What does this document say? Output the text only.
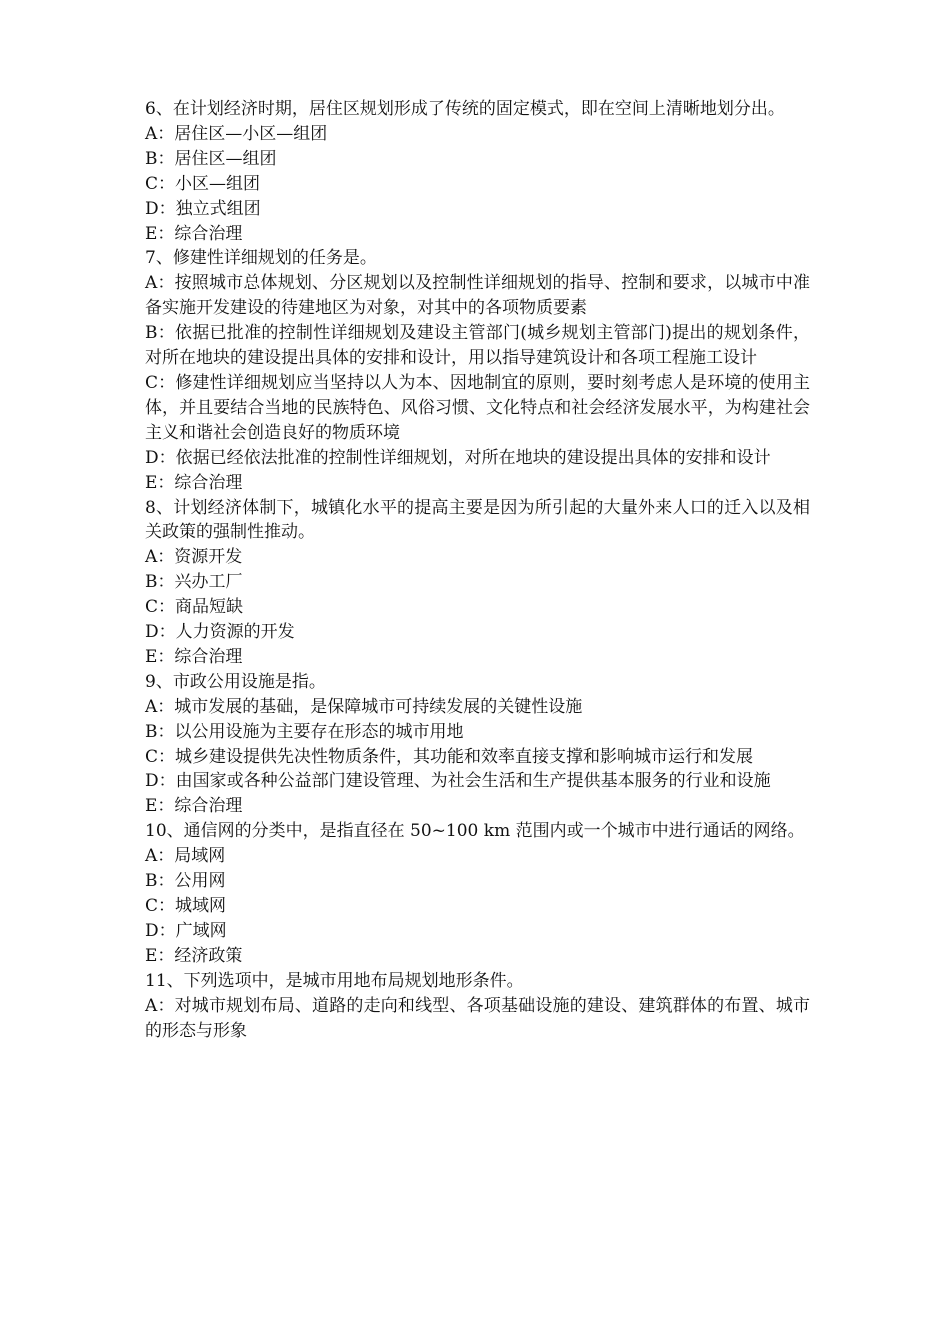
6、在计划经济时期，居住区规划形成了传统的固定模式，即在空间上清晰地划分出。

A：居住区—小区—组团

B：居住区—组团

C：小区—组团

D：独立式组团

E：综合治理

7、修建性详细规划的任务是。

A：按照城市总体规划、分区规划以及控制性详细规划的指导、控制和要求，以城市中准备实施开发建设的待建地区为对象，对其中的各项物质要素

B：依据已批准的控制性详细规划及建设主管部门(城乡规划主管部门)提出的规划条件，对所在地块的建设提出具体的安排和设计，用以指导建筑设计和各项工程施工设计

C：修建性详细规划应当坚持以人为本、因地制宜的原则，要时刻考虑人是环境的使用主体，并且要结合当地的民族特色、风俗习惯、文化特点和社会经济发展水平，为构建社会主义和谐社会创造良好的物质环境

D：依据已经依法批准的控制性详细规划，对所在地块的建设提出具体的安排和设计

E：综合治理

8、计划经济体制下，城镇化水平的提高主要是因为所引起的大量外来人口的迁入以及相关政策的强制性推动。

A：资源开发

B：兴办工厂

C：商品短缺

D：人力资源的开发

E：综合治理

9、市政公用设施是指。

A：城市发展的基础，是保障城市可持续发展的关键性设施

B：以公用设施为主要存在形态的城市用地

C：城乡建设提供先决性物质条件，其功能和效率直接支撑和影响城市运行和发展

D：由国家或各种公益部门建设管理、为社会生活和生产提供基本服务的行业和设施

E：综合治理

10、通信网的分类中，是指直径在 50~100 km 范围内或一个城市中进行通话的网络。

A：局域网

B：公用网

C：城域网

D：广域网

E：经济政策

11、下列选项中，是城市用地布局规划地形条件。

A：对城市规划布局、道路的走向和线型、各项基础设施的建设、建筑群体的布置、城市的形态与形象
